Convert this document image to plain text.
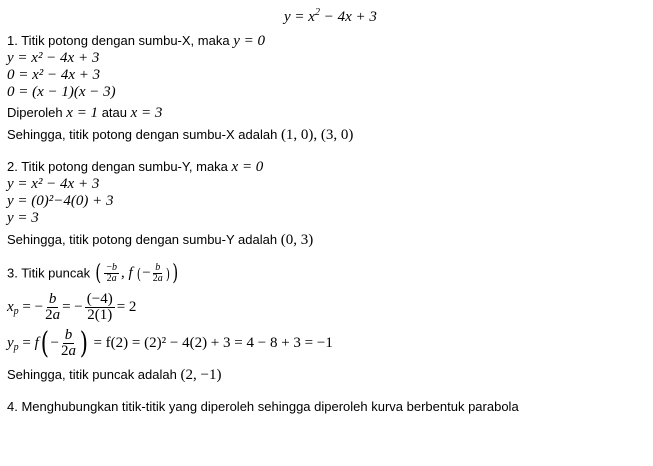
$y = x^2 - 4x + 3$
1. Titik potong dengan sumbu-X, maka y = 0
y = x² − 4x + 3
0 = x² − 4x + 3
0 = (x − 1)(x − 3)
Diperoleh x = 1 atau x = 3
Sehingga, titik potong dengan sumbu-X adalah (1, 0), (3, 0)
2. Titik potong dengan sumbu-Y, maka x = 0
y = x² − 4x + 3
y = (0)²−4(0) + 3
y = 3
Sehingga, titik potong dengan sumbu-Y adalah (0, 3)
3. Titik puncak ( $\frac{-b}{2a}$ , f (− $\frac{b}{2a}$ ))
$x_p$ = − $\frac{b}{2a}$ = − $\frac{(-4)}{2(1)} = 2$
$y_p = f( - \frac{b}{2a}$ ) = f(2) = (2)² − 4(2) + 3 = 4 − 8 + 3 = −1
Sehingga, titik puncak adalah (2, −1)
4. Menghubungkan titik-titik yang diperoleh sehingga diperoleh kurva berbentuk parabola
